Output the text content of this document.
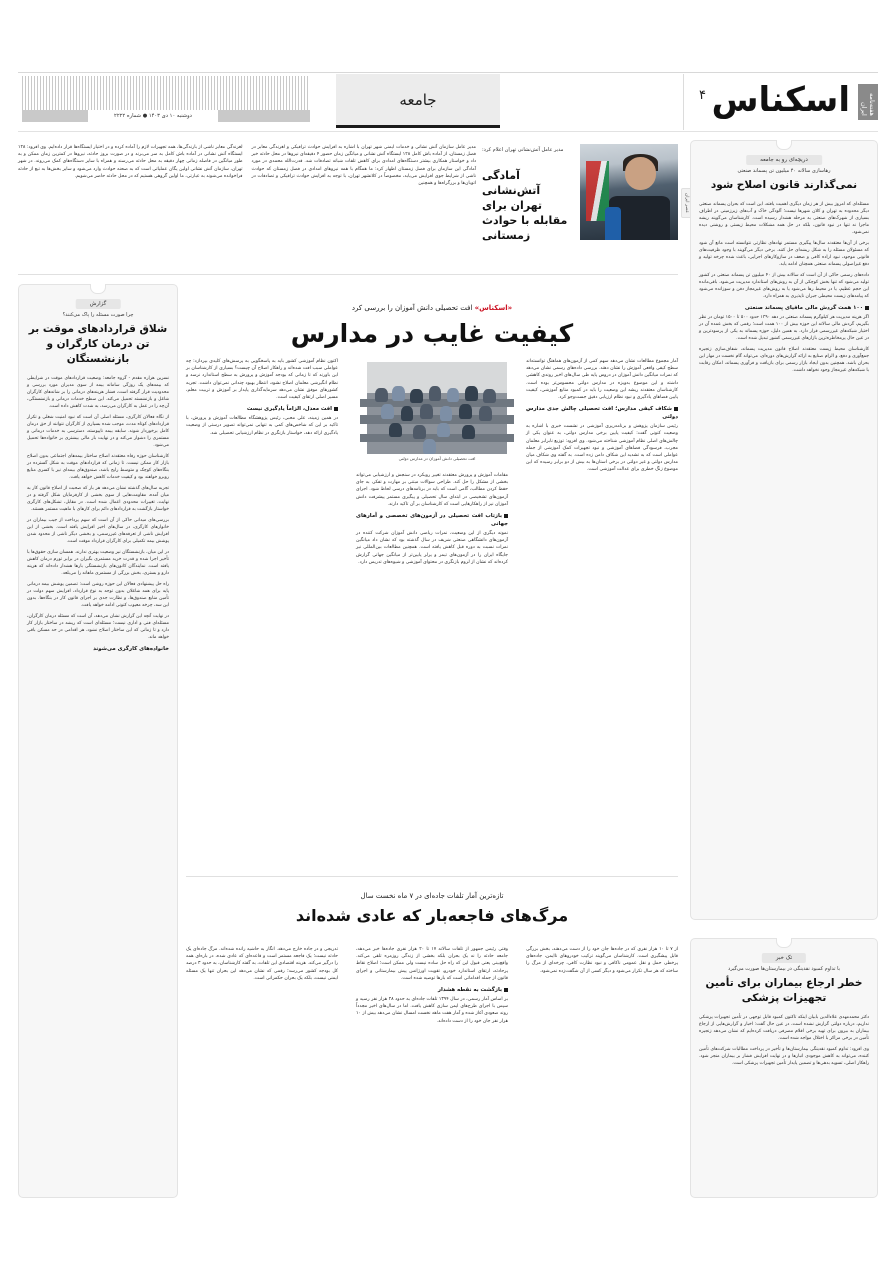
دوشنبه ۱۰ دی ۱۴۰۳ ● شماره ۲۲۲۲
جامعه	۴ اسکناس	هفته‌نامه ایران
عصر ایران
مدیر عامل آتش‌نشانی تهران اعلام کرد:
آمادگی آتش‌نشانی تهران برای مقابله با حوادث زمستانی

مدیر عامل سازمان آتش نشانی و خدمات ایمنی شهر تهران با اشاره به افزایش حوادث ترافیکی و لغزندگی معابر در فصل زمستان، از آماده باش کامل ۱۲۸ ایستگاه آتش نشانی و میانگین زمان حضور ۴ دقیقه‌ای نیروها در محل حادثه خبر داد و خواستار همکاری بیشتر دستگاه‌های امدادی برای کاهش تلفات شبانه تصادفات شد. قدرت‌الله محمدی در مورد آمادگی این سازمان برای فصل زمستان اظهار کرد: ما همگام با همه نیروهای امدادی در فصل زمستان که حوادث ناشی از شرایط جوی افزایش می‌یابد، مخصوصاً در کلانشهر تهران، با توجه به افزایش حوادث ترافیکی و تصادفات در اتوبان‌ها و بزرگراه‌ها و همچنین

لغزندگی معابر ناشی از بارندگی‌ها، همه تجهیزات لازم را آماده کرده و در اختیار ایستگاه‌ها قرار داده‌ایم. وی افزود: ۱۲۸ ایستگاه آتش نشانی در آماده باش کامل به سر می‌برند و در صورت بروز حادثه، نیروها در کمترین زمان ممکن و به طور میانگین در فاصله زمانی چهار دقیقه به محل حادثه می‌رسند و همراه با سایر دستگاه‌های کمک می‌روند. در شهر تهران، سازمان آتش نشانی اولین یگان عملیاتی است که به صحنه حوادث وارد می‌شود و سایر بخش‌ها به تبع از حادثه فراخوانده می‌شوند به عبارتی، ما اولین گروهی هستیم که در محل حادثه حاضر می‌شویم.

«اسکناس» افت تحصیلی دانش آموزان را بررسی کرد
کیفیت غایب در مدارس
افت تحصیلی دانش آموزان در مدارس دولتی

آمار مجموع مطالعات نشان می‌دهد سهم کمی از آزمون‌های هماهنگ توانسته‌اند سطح کیفی واقعی آموزش را نشان دهند. بررسی داده‌های رسمی نشان می‌دهد که نمرات میانگین دانش آموزان در دروس پایه طی سال‌های اخیر روندی کاهشی داشته و این موضوع به‌ویژه در مدارس دولتی محسوس‌تر بوده است. کارشناسان معتقدند ریشه این وضعیت را باید در کمبود منابع آموزشی، کیفیت پایین فضاهای یادگیری و نبود نظام ارزیابی دقیق جست‌وجو کرد.

شکاف کیفی مدارس؛ افت تحصیلی چالش جدی مدارس دولتی

رئیس سازمان پژوهش و برنامه‌ریزی آموزشی در نشست خبری با اشاره به وضعیت کنونی گفت: کیفیت پایین برخی مدارس دولتی، به عنوان یکی از چالش‌های اصلی نظام آموزشی شناخته می‌شود. وی افزود: توزیع نابرابر معلمان مجرب، فرسودگی فضاهای آموزشی و نبود تجهیزات کمک آموزشی از جمله عواملی است که به تشدید این شکاف دامن زده است. به گفته وی شکاف میان مدارس دولتی و غیر دولتی در برخی استان‌ها به بیش از دو برابر رسیده که این موضوع زنگ خطری برای عدالت آموزشی است.

مقامات آموزش و پرورش معتقدند تغییر رویکرد در سنجش و ارزشیابی می‌تواند بخشی از مشکل را حل کند. طراحی سوالات مبتنی بر مهارت و تفکر، به جای حفظ کردن مطالب، گامی است که باید در برنامه‌های درسی لحاظ شود. اجرای آزمون‌های تشخیصی در ابتدای سال تحصیلی و پیگیری مستمر پیشرفت دانش آموزان نیز از راهکارهایی است که کارشناسان بر آن تاکید دارند.

بازتاب افت تحصیلی در آزمون‌های تخصصی و آمارهای جهانی

نمونه دیگری از این وضعیت، نمرات ریاضی دانش آموزان شرکت کننده در آزمون‌های دانشگاهی صنعتی شریف در سال گذشته بود که نشان داد میانگین نمرات نسبت به دوره قبل کاهش یافته است. همچنین مطالعات بین‌المللی نیز جایگاه ایران را در آزمون‌های تیمز و پرلز پایین‌تر از میانگین جهانی گزارش کرده‌اند که نشان از لزوم بازنگری در محتوای آموزشی و شیوه‌های تدریس دارد.

اکنون نظام آموزشی کشور باید به پاسخگویی به پرسش‌های کلیدی بپردازد: چه عواملی سبب افت شده‌اند و راهکار اصلاح آن چیست؟ بسیاری از کارشناسان بر این باورند که تا زمانی که بودجه آموزش و پرورش به سطح استاندارد نرسد و نظام انگیزشی معلمان اصلاح نشود، انتظار بهبود چندانی نمی‌توان داشت. تجربه کشورهای موفق نشان می‌دهد سرمایه‌گذاری پایدار بر آموزش و تربیت معلم، مسیر اصلی ارتقای کیفیت است.

افت معدل، الزاماً یادگیری نیست

در همین زمینه، علی محبی، رئیس پژوهشگاه مطالعات آموزش و پرورش، با تاکید بر این که شاخص‌های کمی به تنهایی نمی‌تواند تصویر درستی از وضعیت یادگیری ارائه دهد، خواستار بازنگری در نظام ارزشیابی تحصیلی شد.

تازه‌ترین آمار تلفات جاده‌ای در ۷ ماه نخست سال
مرگ‌های فاجعه‌بار که عادی شده‌اند

از ۷ تا ۱۰ هزار نفری که در جاده‌ها جان خود را از دست می‌دهند، بخش بزرگی قابل پیشگیری است. کارشناسان می‌گویند ترکیب خودروهای ناایمن، جاده‌های پرخطر، حمل و نقل عمومی ناکافی و نبود نظارت کافی، چرخه‌ای از مرگ را ساخته که هر سال تکرار می‌شود و دیگر کسی از آن شگفت‌زده نمی‌شود.

وقتی رئیس جمهور از تلفات سالانه ۱۷ تا ۲۰ هزار نفری جاده‌ها خبر می‌دهد، جامعه حادثه را نه یک بحران بلکه بخشی از زندگی روزمره تلقی می‌کند. واقع‌بینی یعنی قبول این که راه حل ساده نیست ولی ممکن است؛ اصلاح نقاط پرحادثه، ارتقای استاندارد خودرو، تقویت اورژانس پیش بیمارستانی و اجرای قانون از جمله اقداماتی است که بارها توصیه شده است.

بازگشت به نقطه هشدار

بر اساس آمار رسمی، در سال ۱۳۹۴ تلفات جاده‌ای به حدود ۲۸ هزار نفر رسید و سپس با اجرای طرح‌های ایمن سازی کاهش یافت. اما در سال‌های اخیر مجدداً روند صعودی آغاز شده و آمار هفت ماهه نخست امسال نشان می‌دهد بیش از ۱۰ هزار نفر جان خود را از دست داده‌اند.

تدریجی و در جاده خارج می‌دهد. انگار به حاشیه رانده شده‌اند. مرگ جاده‌ای یک حادثه نیست؛ یک فاجعه مستمر است و قاعده‌ای که عادی شده، در باره‌ای همه را درگیر می‌کند. هزینه اقتصادی این تلفات، به گفته کارشناسان، به حدود ۳ درصد کل بودجه کشور می‌رسد؛ رقمی که نشان می‌دهد این بحران تنها یک مسئله ایمنی نیست، بلکه یک بحران حکمرانی است.

دریچه‌ای رو به جامعه
رهاسازی سالانه ۴۰ میلیون تن پسماند صنعتی
نمی‌گذارند قانون اصلاح شود

مسئله‌ای که امروز بیش از هر زمان دیگری اهمیت یافته، این است که بحران پسماند صنعتی دیگر محدوده به تهران و کلان شهرها نیست؛ آلودگی خاک و آب‌های زیرزمینی در اطراف بسیاری از شهرک‌های صنعتی به مرحله هشدار رسیده است. کارشناسان می‌گویند ریشه ماجرا نه تنها در نبود قانون، بلکه در حل همه مشکلات محیط زیستی و روشنی دیده نمی‌شود.

برخی از آن‌ها معتقدند سال‌ها پیگیری مستمر نهادهای نظارتی نتوانسته است مانع آن شود که مسئولان مسئله را به شکل ریشه‌ای حل کنند. برخی دیگر می‌گویند با وجود ظرفیت‌های قانونی موجود، نبود اراده کافی و ضعف در سازوکارهای اجرایی، باعث شده چرخه تولید و دفع غیراصولی پسماند صنعتی همچنان ادامه یابد.

داده‌های رسمی حاکی از آن است که سالانه بیش از ۴۰ میلیون تن پسماند صنعتی در کشور تولید می‌شود که تنها بخش کوچکی از آن به روش‌های استاندارد مدیریت می‌شود. باقی‌مانده این حجم عظیم، یا در محیط رها می‌شود یا به روش‌های غیرمجاز دفن و سوزانده می‌شود که پیامدهای زیست محیطی جبران ناپذیری به همراه دارد.

۱۰۰ همت گردش مالی مافیای پسماند صنعتی

اگر هزینه مدیریت هر کیلوگرم پسماند صنعتی در دهه ۱۳۹۰ حدود ۵۰۰ تا ۱۵۰۰ تومان در نظر بگیریم، گردش مالی سالانه این حوزه بیش از ۱۰۰ همت است؛ رقمی که بخش عمده آن در اختیار شبکه‌های غیررسمی قرار دارد. به همین دلیل، حوزه پسماند به یکی از پرسودترین و در عین حال پرمخاطره‌ترین بازارهای غیررسمی کشور تبدیل شده است.

کارشناسان محیط زیست معتقدند اصلاح قانون مدیریت پسماند، شفاف‌سازی زنجیره جمع‌آوری و دفع، و الزام صنایع به ارائه گزارش‌های دوره‌ای، می‌تواند گام نخست در مهار این بحران باشد. همچنین بدون ایجاد بازار رسمی برای بازیافت و فرآوری پسماند، امکان رقابت با شبکه‌های غیرمجاز وجود نخواهد داشت.

تک خبر
با تداوم کمبود نقدینگی در بیمارستان‌ها صورت می‌گیرد
خطر ارجاع بیماران برای تأمین تجهیزات پزشکی

دکتر محمدمهدی علاءالدین بابیان اینکه تاکنون کمبود قابل توجهی در تأمین تجهیزات پزشکی نداریم، درباره دولتی گزارش نشده است، در عین حال گفت: اخبار و گزارش‌هایی از ارجاع بیماران به بیرون برای تهیه برخی اقلام مصرفی دریافت کرده‌ایم که نشان می‌دهد زنجیره تأمین در برخی مراکز با اختلال مواجه شده است.

وی افزود: تداوم کمبود نقدینگی بیمارستان‌ها و تأخیر در پرداخت مطالبات شرکت‌های تأمین کننده، می‌تواند به کاهش موجودی انبارها و در نهایت افزایش فشار بر بیماران منجر شود. راهکار اصلی، تسویه بدهی‌ها و تضمین پایدار تأمین تجهیزات پزشکی است.

گزارش
چرا صورت مسئله را پاک می‌کنند؟
شلاق قراردادهای موقت بر تن درمان کارگران و بازنشستگان

نسرین هزاره مقدم - گروه جامعه: وضعیت قراردادهای موقت در شرایطی که بیمه‌های یک روزگی سامانه بیمه از سوی مدیران مورد بررسی و محدودیت قرار گرفته است، فشار هزینه‌های درمانی را بر شانه‌های کارگران شاغل و بازنشسته تحمیل می‌کند. این سطح خدمات درمانی و بازنشستگی، آن‌چه را در عمل به کارگران می‌رسد، به شدت کاهش داده است.

از نگاه فعالان کارگری، مسئله اصلی آن است که نبود امنیت شغلی و تکرار قراردادهای کوتاه مدت، موجب شده بسیاری از کارگران نتوانند از حق درمان کامل برخوردار شوند. سابقه بیمه ناپیوسته، دسترسی به خدمات درمانی و مستمری را دشوار می‌کند و در نهایت بار مالی بیشتری بر خانواده‌ها تحمیل می‌شود.

کارشناسان حوزه رفاه معتقدند اصلاح ساختار بیمه‌های اجتماعی بدون اصلاح بازار کار ممکن نیست. تا زمانی که قراردادهای موقت به شکل گسترده در بنگاه‌های کوچک و متوسط رایج باشد، صندوق‌های بیمه‌ای نیز با کسری منابع روبرو خواهند بود و کیفیت خدمات کاهش خواهد یافت.

تجربه سال‌های گذشته نشان می‌دهد هر بار که صحبت از اصلاح قانون کار به میان آمده، مقاومت‌هایی از سوی بخشی از کارفرمایان شکل گرفته و در نهایت، تغییرات محدودی اعمال شده است. در مقابل، تشکل‌های کارگری خواستار بازگشت به قراردادهای دائم برای کارهای با ماهیت مستمر هستند.

بررسی‌های میدانی حاکی از آن است که سهم پرداخت از جیب بیماران در خانوارهای کارگری، در سال‌های اخیر افزایش یافته است. بخشی از این افزایش ناشی از تعرفه‌های غیررسمی، و بخشی دیگر ناشی از محدود شدن پوشش بیمه تکمیلی برای کارگران قرارداد موقت است.

در این میان، بازنشستگان نیز وضعیت بهتری ندارند. همسان سازی حقوق‌ها با تأخیر اجرا شده و قدرت خرید مستمری بگیران در برابر تورم درمان کاهش یافته است. نمایندگان کانون‌های بازنشستگی بارها هشدار داده‌اند که هزینه دارو و بستری، بخش بزرگی از مستمری ماهانه را می‌بلعد.

راه حل پیشنهادی فعالان این حوزه روشن است: تضمین پوشش بیمه درمانی پایه برای همه شاغلان بدون توجه به نوع قرارداد، افزایش سهم دولت در تأمین منابع صندوق‌ها، و نظارت جدی بر اجرای قانون کار در بنگاه‌ها. بدون این سه، چرخه معیوب کنونی ادامه خواهد یافت.

در نهایت آنچه این گزارش نشان می‌دهد، آن است که مسئله درمان کارگران، مسئله‌ای فنی و اداری نیست؛ مسئله‌ای است که ریشه در ساختار بازار کار دارد و تا زمانی که این ساختار اصلاح نشود، هر اقدامی در حد مسکن باقی خواهد ماند.

خانواده‌های کارگری می‌شوند
